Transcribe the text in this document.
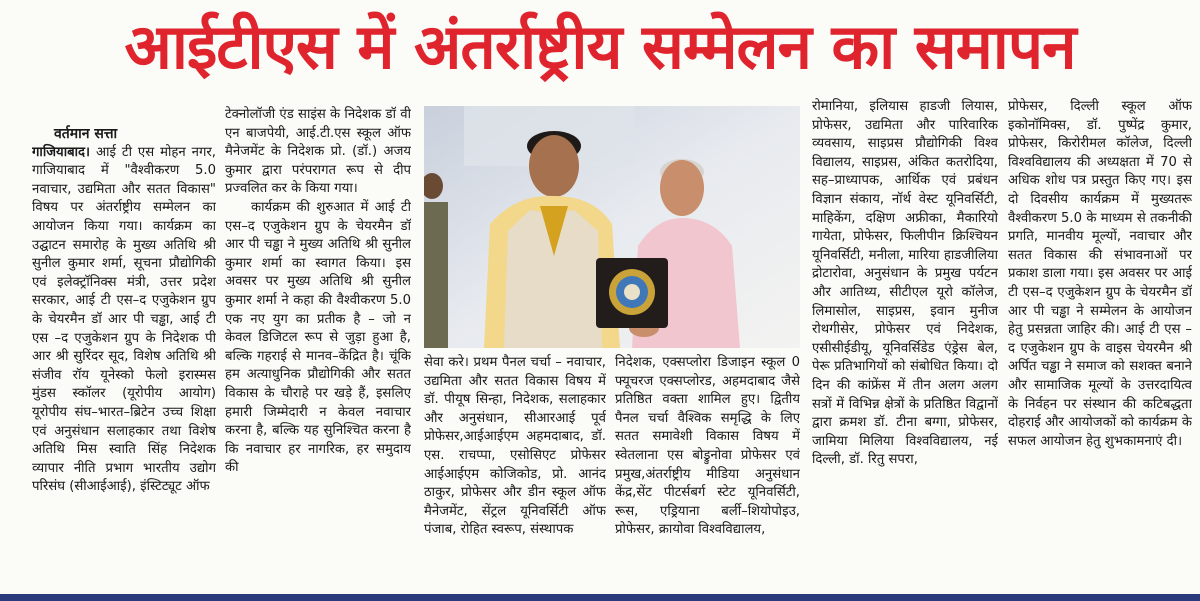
आईटीएस में अंतर्राष्ट्रीय सम्मेलन का समापन

वर्तमान सत्ता
गाजियाबाद। आई टी एस मोहन नगर, गाजियाबाद में "वैश्वीकरण 5.0 नवाचार, उद्यमिता और सतत विकास" विषय पर अंतर्राष्ट्रीय सम्मेलन का आयोजन किया गया। कार्यक्रम का उद्घाटन समारोह के मुख्य अतिथि श्री सुनील कुमार शर्मा, सूचना प्रौद्योगिकी एवं इलेक्ट्रॉनिक्स मंत्री, उत्तर प्रदेश सरकार, आई टी एस–द एजुकेशन ग्रुप के चेयरमैन डॉ आर पी चड्ढा, आई टी एस –द एजुकेशन ग्रुप के निदेशक पी आर श्री सुरिंदर सूद, विशेष अतिथि श्री संजीव रॉय यूनेस्को फेलो इरास्मस मुंडस स्कॉलर (यूरोपीय आयोग) यूरोपीय संघ–भारत–ब्रिटेन उच्च शिक्षा एवं अनुसंधान सलाहकार तथा विशेष अतिथि मिस स्वाति सिंह निदेशक व्यापार नीति प्रभाग भारतीय उद्योग परिसंघ (सीआईआई), इंस्टिट्यूट ऑफ

टेक्नोलॉजी एंड साइंस के निदेशक डॉ वी एन बाजपेयी, आई.टी.एस स्कूल ऑफ मैनेजमेंट के निदेशक प्रो. (डॉ.) अजय कुमार द्वारा परंपरागत रूप से दीप प्रज्वलित कर के किया गया।

कार्यक्रम की शुरुआत में आई टी एस–द एजुकेशन ग्रुप के चेयरमैन डॉ आर पी चड्ढा ने मुख्य अतिथि श्री सुनील कुमार शर्मा का स्वागत किया। इस अवसर पर मुख्य अतिथि श्री सुनील कुमार शर्मा ने कहा की वैश्वीकरण 5.0 एक नए युग का प्रतीक है – जो न केवल डिजिटल रूप से जुड़ा हुआ है, बल्कि गहराई से मानव–केंद्रित है। चूंकि हम अत्याधुनिक प्रौद्योगिकी और सतत विकास के चौराहे पर खड़े हैं, इसलिए हमारी जिम्मेदारी न केवल नवाचार करना है, बल्कि यह सुनिश्चित करना है कि नवाचार हर नागरिक, हर समुदाय की

सेवा करे। प्रथम पैनल चर्चा – नवाचार, उद्यमिता और सतत विकास विषय में डॉ. पीयूष सिन्हा, निदेशक, सलाहकार और अनुसंधान, सीआरआई पूर्व प्रोफेसर,आईआईएम अहमदाबाद, डॉ. एस. राचप्पा, एसोसिएट प्रोफेसर आईआईएम कोजिकोड, प्रो. आनंद ठाकुर, प्रोफेसर और डीन स्कूल ऑफ मैनेजमेंट, सेंट्रल यूनिवर्सिटी ऑफ पंजाब, रोहित स्वरूप, संस्थापक

निदेशक, एक्सप्लोरा डिजाइन स्कूल 0 फ्यूचरज एक्सप्लोरड, अहमदाबाद जैसे प्रतिष्ठित वक्ता शामिल हुए। द्वितीय पैनल चर्चा वैश्विक समृद्धि के लिए सतत समावेशी विकास विषय में स्वेतलाना एस बोड्रुनोवा प्रोफेसर एवं प्रमुख,अंतर्राष्ट्रीय मीडिया अनुसंधान केंद्र,सेंट पीटर्सबर्ग स्टेट यूनिवर्सिटी, रूस, एड्रियाना बर्ली–शियोपोइउ, प्रोफेसर, क्रायोवा विश्वविद्यालय,

रोमानिया, इलियास हाडजी लियास, प्रोफेसर, उद्यमिता और पारिवारिक व्यवसाय, साइप्रस प्रौद्योगिकी विश्व विद्यालय, साइप्रस, अंकित कतरोदिया, सह–प्राध्यापक, आर्थिक एवं प्रबंधन विज्ञान संकाय, नॉर्थ वेस्ट यूनिवर्सिटी, माहिकेंग, दक्षिण अफ्रीका, मैकारियो गायेता, प्रोफेसर, फिलीपीन क्रिश्चियन यूनिवर्सिटी, मनीला, मारिया हाडजीलिया द्रोटारोवा, अनुसंधान के प्रमुख पर्यटन और आतिथ्य, सीटीएल यूरो कॉलेज, लिमासोल, साइप्रस, इवान मुनीज रोथगीसेर, प्रोफेसर एवं निदेशक, एसीसीईडीयू, यूनिवर्सिडेड एंड्रेस बेल, पेरू प्रतिभागियों को संबोधित किया। दो दिन की कांफ्रेंस में तीन अलग अलग सत्रों में विभिन्न क्षेत्रों के प्रतिष्ठित विद्वानों द्वारा क्रमश डॉ. टीना बग्गा, प्रोफेसर, जामिया मिलिया विश्वविद्यालय, नई दिल्ली, डॉ. रितु सपरा,

प्रोफेसर, दिल्ली स्कूल ऑफ इकोनॉमिक्स, डॉ. पुष्पेंद्र कुमार, प्रोफेसर, किरोरीमल कॉलेज, दिल्ली विश्वविद्यालय की अध्यक्षता में 70 से अधिक शोध पत्र प्रस्तुत किए गए। इस दो दिवसीय कार्यक्रम में मुख्यतरू वैश्वीकरण 5.0 के माध्यम से तकनीकी प्रगति, मानवीय मूल्यों, नवाचार और सतत विकास की संभावनाओं पर प्रकाश डाला गया। इस अवसर पर आई टी एस–द एजुकेशन ग्रुप के चेयरमैन डॉ आर पी चड्ढा ने सम्मेलन के आयोजन हेतु प्रसन्नता जाहिर की। आई टी एस –द एजुकेशन ग्रुप के वाइस चेयरमैन श्री अर्पित चड्ढा ने समाज को सशक्त बनाने और सामाजिक मूल्यों के उत्तरदायित्व के निर्वहन पर संस्थान की कटिबद्धता दोहराई और आयोजकों को कार्यक्रम के सफल आयोजन हेतु शुभकामनाएं दी।
